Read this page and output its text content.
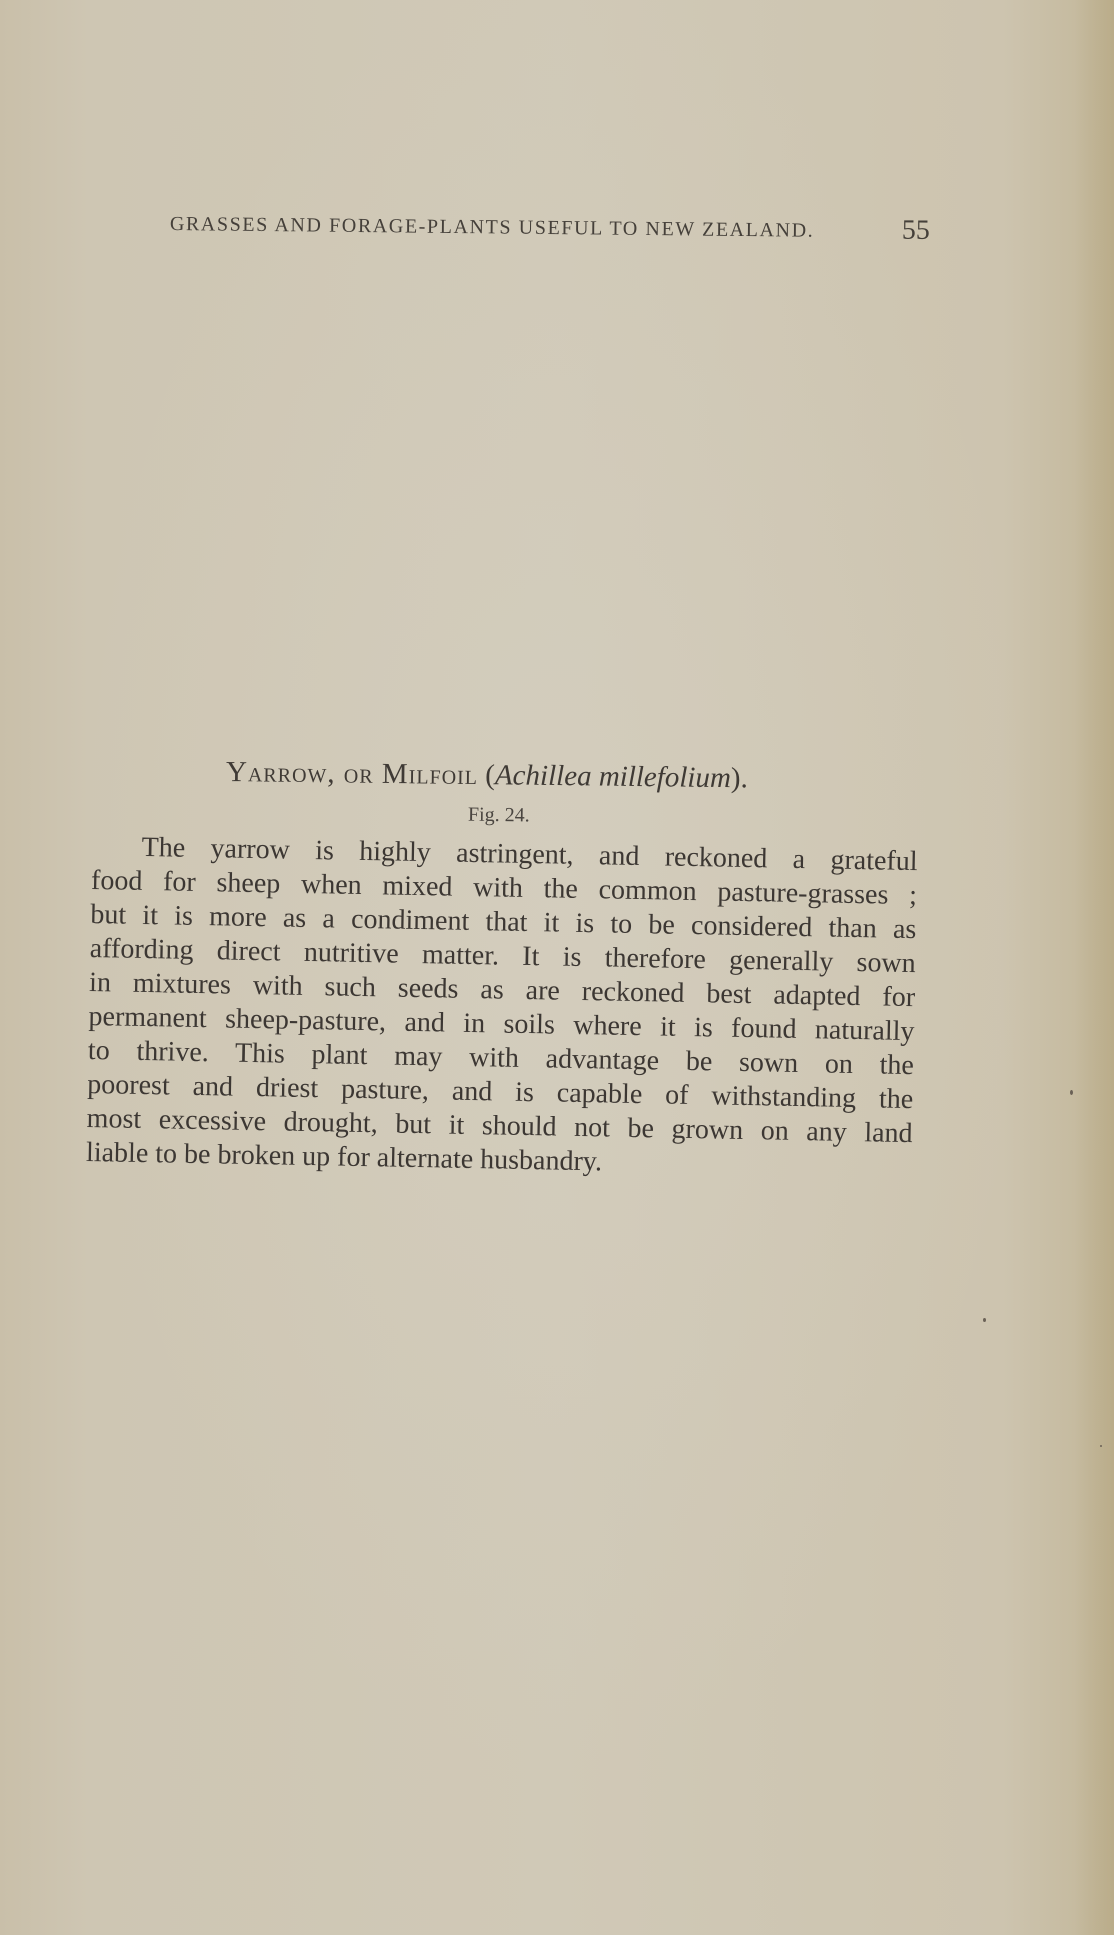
GRASSES AND FORAGE-PLANTS USEFUL TO NEW ZEALAND.	55
Yarrow, or Milfoil (Achillea millefolium).
Fig. 24.
The yarrow is highly astringent, and reckoned a grateful
food for sheep when mixed with the common pasture-grasses ;
but it is more as a condiment that it is to be considered than as
affording direct nutritive matter. It is therefore generally sown
in mixtures with such seeds as are reckoned best adapted for
permanent sheep-pasture, and in soils where it is found naturally
to thrive. This plant may with advantage be sown on the
poorest and driest pasture, and is capable of withstanding the
most excessive drought, but it should not be grown on any land
liable to be broken up for alternate husbandry.
